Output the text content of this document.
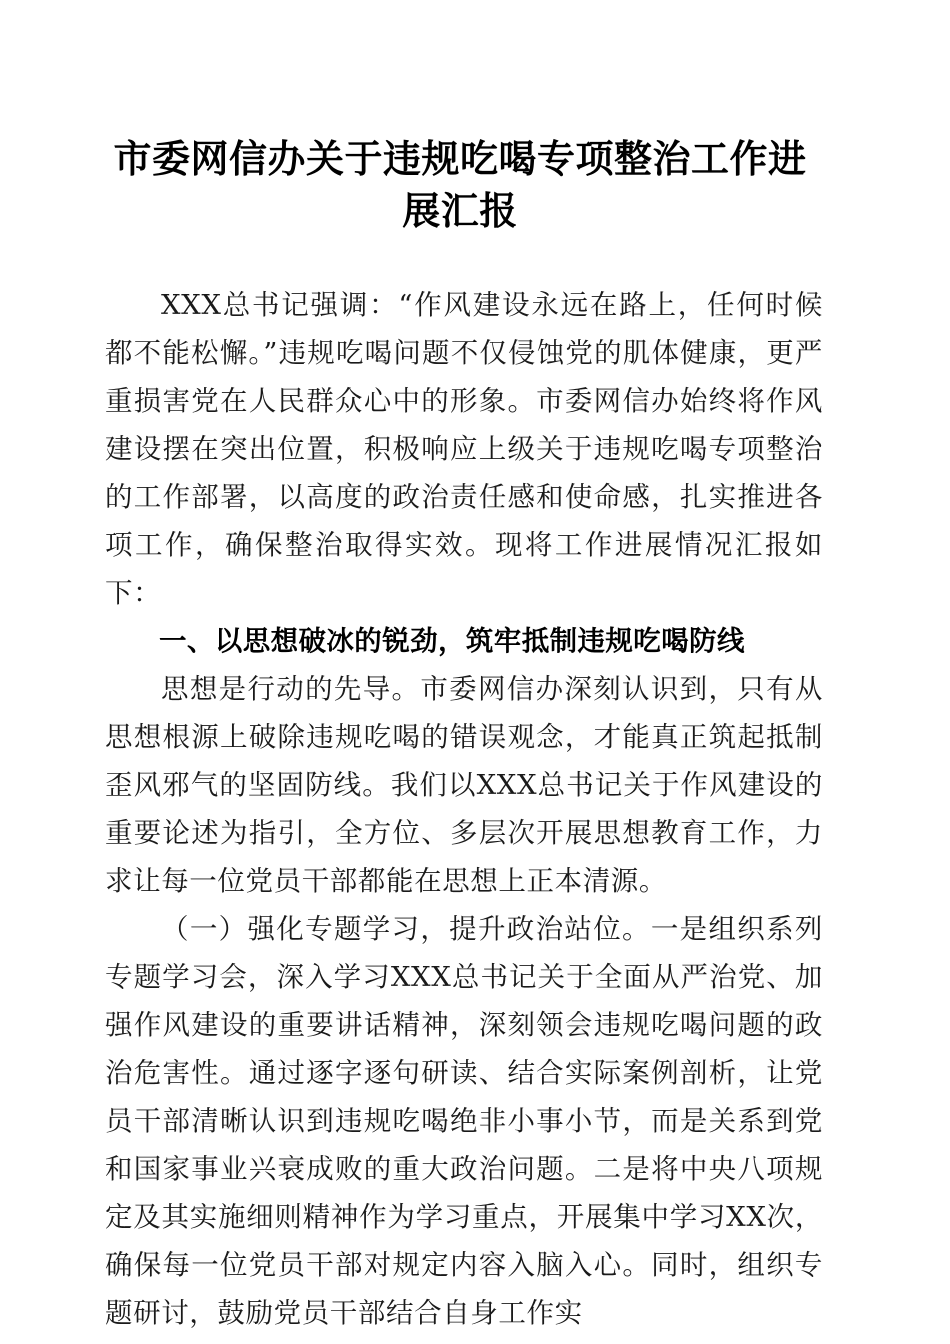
市委网信办关于违规吃喝专项整治工作进展汇报

XXX总书记强调：“作风建设永远在路上，任何时候都不能松懈。”违规吃喝问题不仅侵蚀党的肌体健康，更严重损害党在人民群众心中的形象。市委网信办始终将作风建设摆在突出位置，积极响应上级关于违规吃喝专项整治的工作部署，以高度的政治责任感和使命感，扎实推进各项工作，确保整治取得实效。现将工作进展情况汇报如下：

一、以思想破冰的锐劲，筑牢抵制违规吃喝防线

思想是行动的先导。市委网信办深刻认识到，只有从思想根源上破除违规吃喝的错误观念，才能真正筑起抵制歪风邪气的坚固防线。我们以XXX总书记关于作风建设的重要论述为指引，全方位、多层次开展思想教育工作，力求让每一位党员干部都能在思想上正本清源。

（一）强化专题学习，提升政治站位。一是组织系列专题学习会，深入学习XXX总书记关于全面从严治党、加强作风建设的重要讲话精神，深刻领会违规吃喝问题的政治危害性。通过逐字逐句研读、结合实际案例剖析，让党员干部清晰认识到违规吃喝绝非小事小节，而是关系到党和国家事业兴衰成败的重大政治问题。二是将中央八项规定及其实施细则精神作为学习重点，开展集中学习XX次，确保每一位党员干部对规定内容入脑入心。同时，组织专题研讨，鼓励党员干部结合自身工作实
